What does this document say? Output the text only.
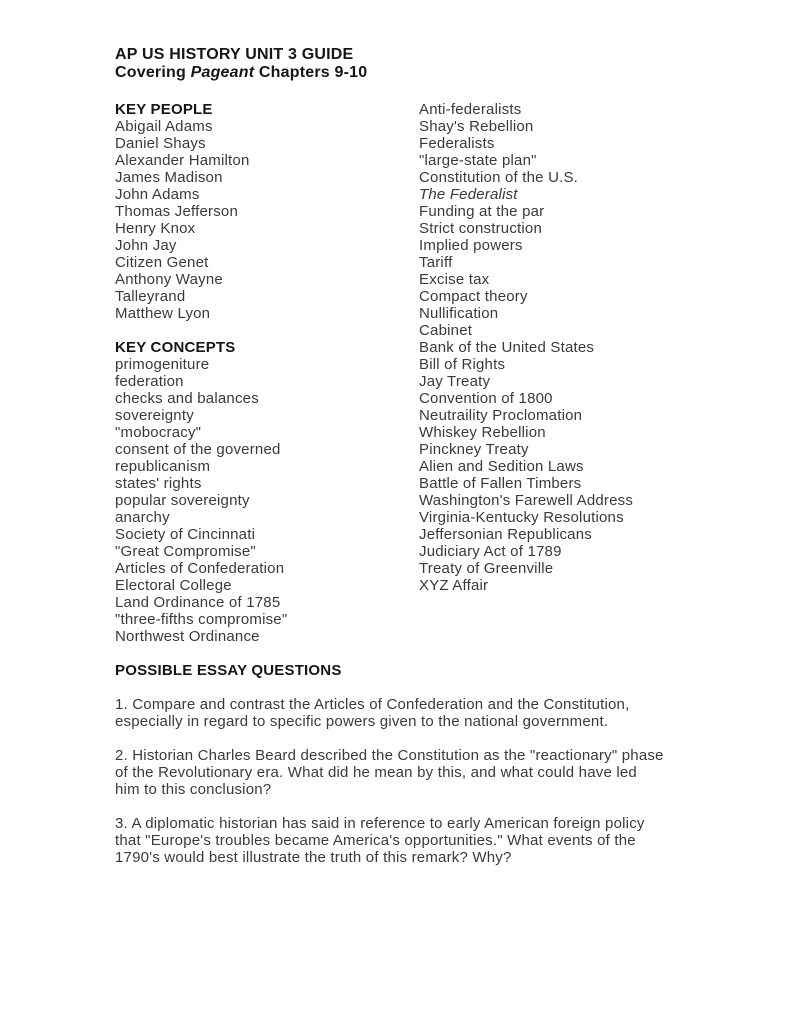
AP US HISTORY UNIT 3 GUIDE
Covering Pageant Chapters 9-10
KEY PEOPLE
Abigail Adams
Daniel Shays
Alexander Hamilton
James Madison
John Adams
Thomas Jefferson
Henry Knox
John Jay
Citizen Genet
Anthony Wayne
Talleyrand
Matthew Lyon
KEY CONCEPTS
primogeniture
federation
checks and balances
sovereignty
"mobocracy"
consent of the governed
republicanism
states' rights
popular sovereignty
anarchy
Society of Cincinnati
"Great Compromise"
Articles of Confederation
Electoral College
Land Ordinance of 1785
"three-fifths compromise"
Northwest Ordinance
Anti-federalists
Shay's Rebellion
Federalists
"large-state plan"
Constitution of the U.S.
The Federalist
Funding at the par
Strict construction
Implied powers
Tariff
Excise tax
Compact theory
Nullification
Cabinet
Bank of the United States
Bill of Rights
Jay Treaty
Convention of 1800
Neutraility Proclomation
Whiskey Rebellion
Pinckney Treaty
Alien and Sedition Laws
Battle of Fallen Timbers
Washington's Farewell Address
Virginia-Kentucky Resolutions
Jeffersonian Republicans
Judiciary Act of 1789
Treaty of Greenville
XYZ Affair
POSSIBLE ESSAY QUESTIONS
1. Compare and contrast the Articles of Confederation and the Constitution,
especially in regard to specific powers given to the national government.
2. Historian Charles Beard described the Constitution as the "reactionary" phase
of the Revolutionary era. What did he mean by this, and what could have led
him to this conclusion?
3. A diplomatic historian has said in reference to early American foreign policy
that "Europe's troubles became America's opportunities." What events of the
1790's would best illustrate the truth of this remark? Why?
